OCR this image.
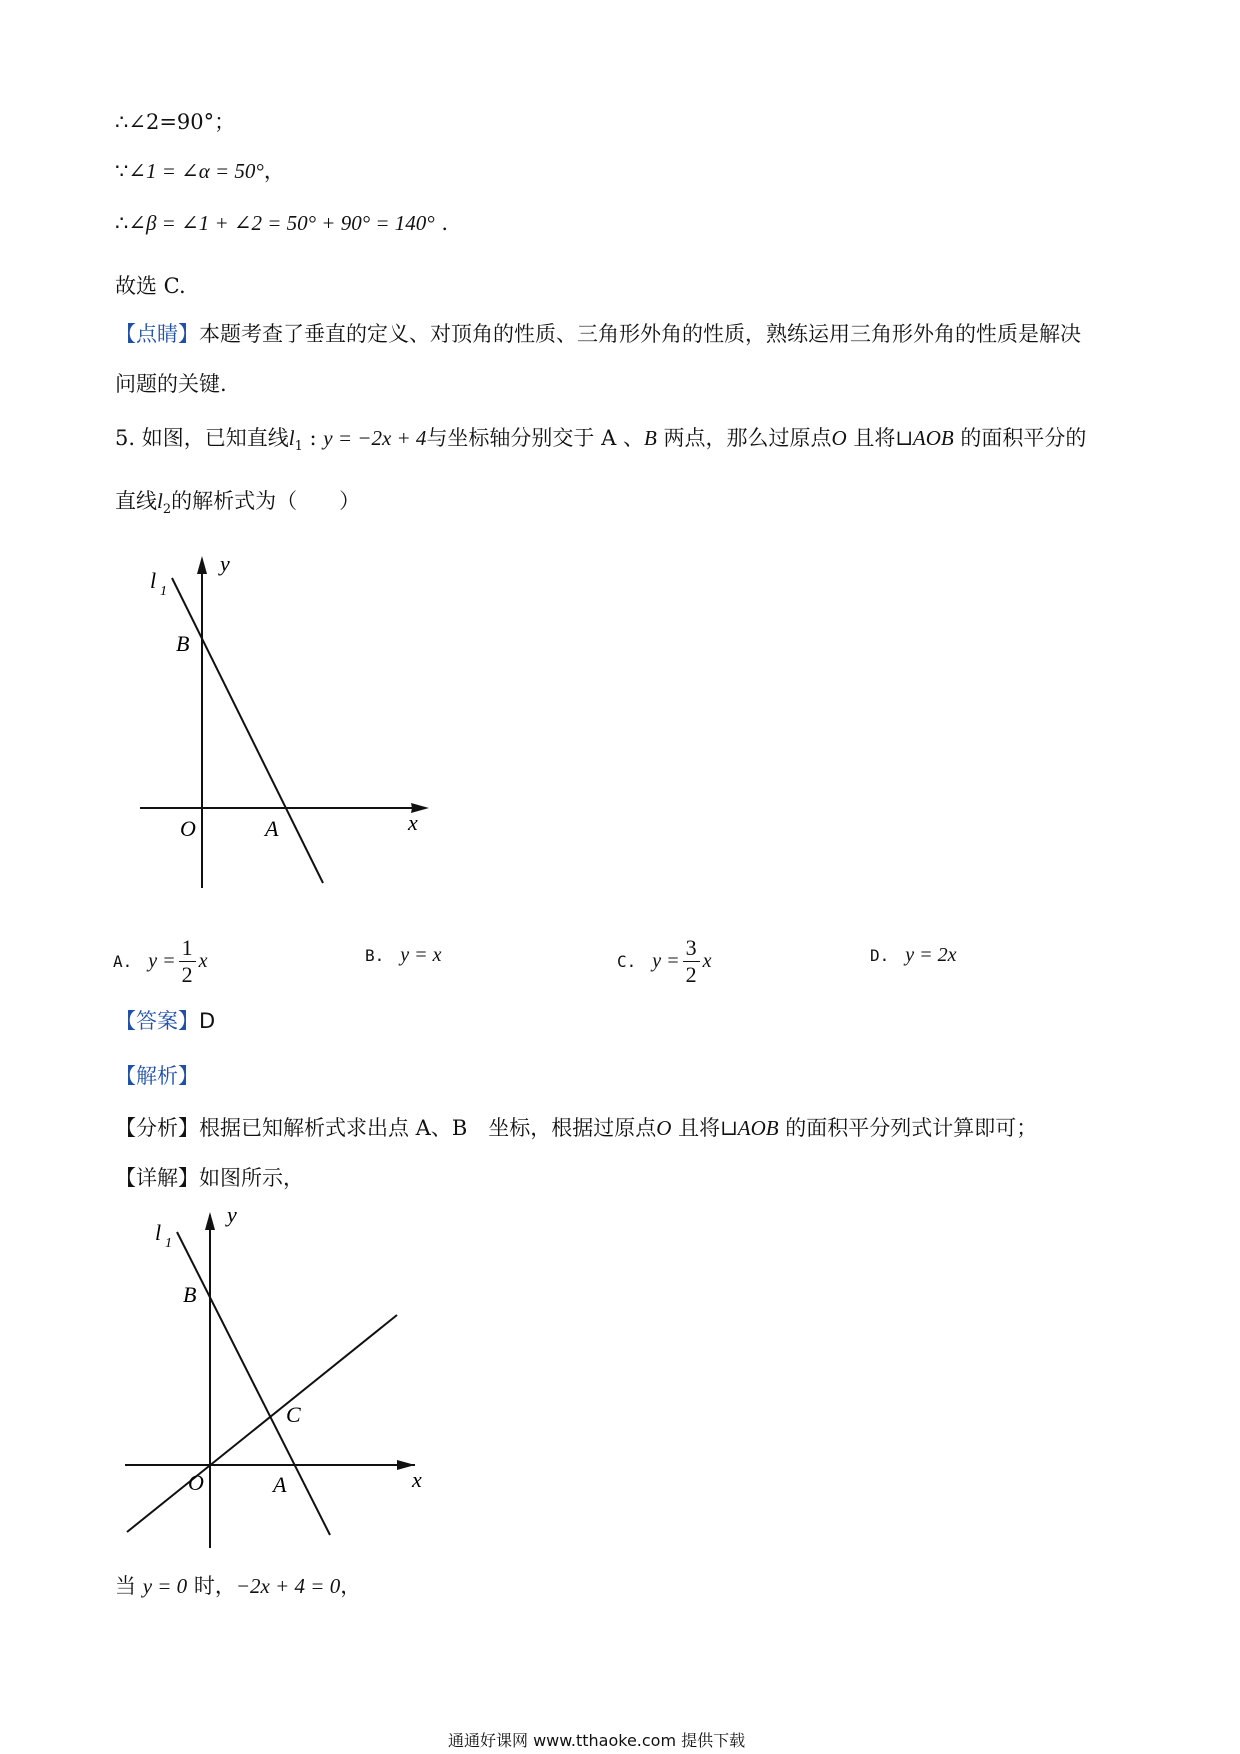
∴∠2=90°；
∵∠1 = ∠α = 50°，
∴∠β = ∠1 + ∠2 = 50° + 90° = 140° .
故选 C.
【点睛】本题考查了垂直的定义、对顶角的性质、三角形外角的性质，熟练运用三角形外角的性质是解决
问题的关键.
5. 如图，已知直线$l_1$ : y = −2x + 4与坐标轴分别交于 A 、B 两点，那么过原点O 且将⊔AOB 的面积平分的
直线$l_2$的解析式为（　　）
l 1
y
x
B
O	A
A. $y = \frac{1}{2}$ x	B. y = x	C. $y = \frac{3}{2}$ x	D. y = 2x
【答案】D
【解析】
【分析】根据已知解析式求出点 A、B　坐标，根据过原点O 且将⊔AOB 的面积平分列式计算即可；
【详解】如图所示，
l 1
y
x
B
C
O	A
当 y = 0 时，−2x + 4 = 0，
通通好课网 www.tthaoke.com 提供下载
